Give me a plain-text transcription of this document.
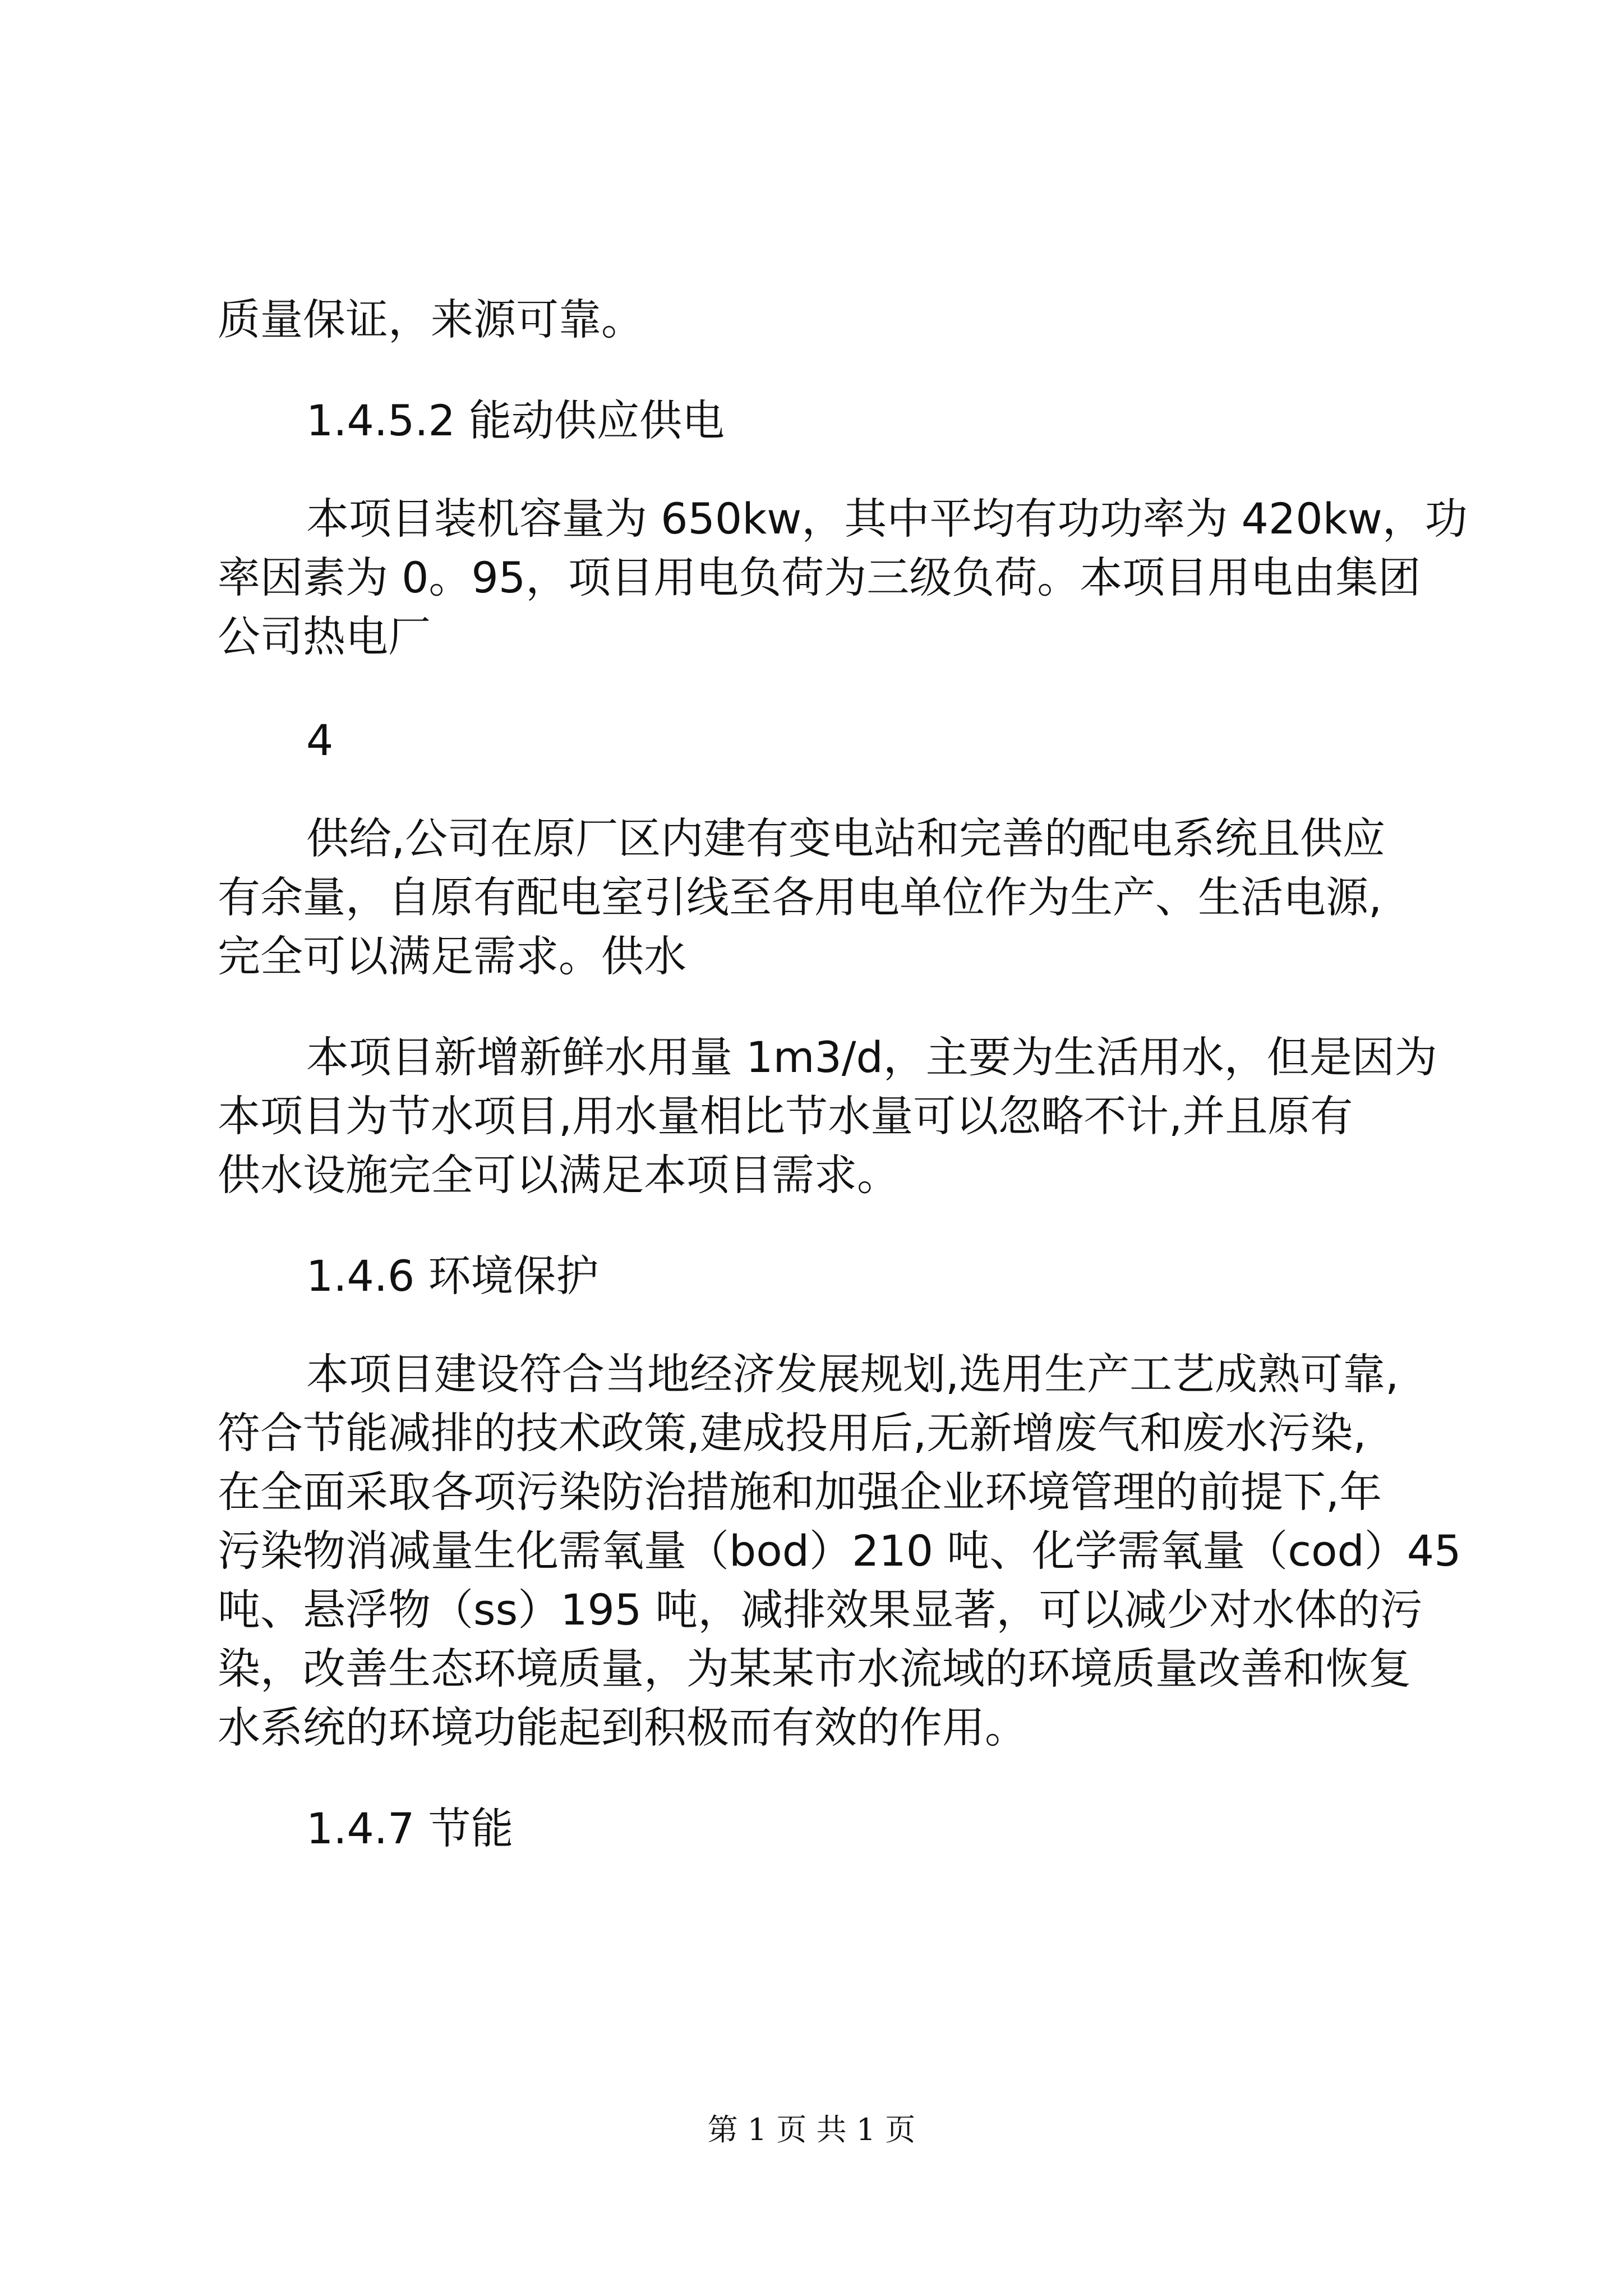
质量保证，来源可靠。
1.4.5.2 能动供应供电
本项目装机容量为 650kw，其中平均有功功率为 420kw，功
率因素为 0。95，项目用电负荷为三级负荷。本项目用电由集团
公司热电厂
4
供给,公司在原厂区内建有变电站和完善的配电系统且供应
有余量，自原有配电室引线至各用电单位作为生产、生活电源,
完全可以满足需求。供水
本项目新增新鲜水用量 1m3/d，主要为生活用水，但是因为
本项目为节水项目,用水量相比节水量可以忽略不计,并且原有
供水设施完全可以满足本项目需求。
1.4.6 环境保护
本项目建设符合当地经济发展规划,选用生产工艺成熟可靠,
符合节能减排的技术政策,建成投用后,无新增废气和废水污染,
在全面采取各项污染防治措施和加强企业环境管理的前提下,年
污染物消减量生化需氧量（bod）210 吨、化学需氧量（cod）45
吨、悬浮物（ss）195 吨，减排效果显著，可以减少对水体的污
染，改善生态环境质量，为某某市水流域的环境质量改善和恢复
水系统的环境功能起到积极而有效的作用。
1.4.7 节能
第 1 页 共 1 页
